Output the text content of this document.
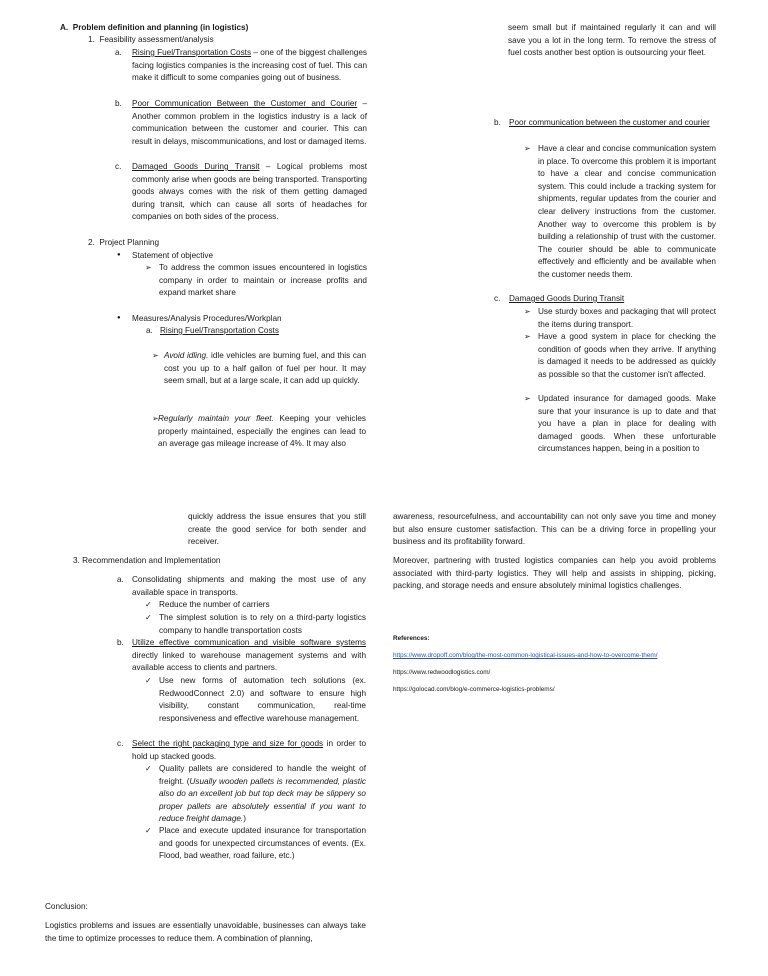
A.  Problem definition and planning (in logistics)
1.  Feasibility assessment/analysis
a.	Rising Fuel/Transportation Costs – one of the biggest challenges facing logistics companies is the increasing cost of fuel. This can make it difficult to some companies going out of business.
b.	Poor Communication Between the Customer and Courier – Another common problem in the logistics industry is a lack of communication between the customer and courier. This can result in delays, miscommunications, and lost or damaged items.
c.	Damaged Goods During Transit – Logical problems most commonly arise when goods are being transported. Transporting goods always comes with the risk of them getting damaged during transit, which can cause all sorts of headaches for companies on both sides of the process.
2.  Project Planning
●	Statement of objective
➢ To address the common issues encountered in logistics company in order to maintain or increase profits and expand market share
●	Measures/Analysis Procedures/Workplan
a. Rising Fuel/Transportation Costs
➢ Avoid idling. idle vehicles are burning fuel, and this can cost you up to a half gallon of fuel per hour. It may seem small, but at a large scale, it can add up quickly.
➢ Regularly maintain your fleet. Keeping your vehicles properly maintained, especially the engines can lead to an average gas mileage increase of 4%. It may also
seem small but if maintained regularly it can and will save you a lot in the long term. To remove the stress of fuel costs another best option is outsourcing your fleet.
b. Poor communication between the customer and courier
➢ Have a clear and concise communication system in place. To overcome this problem it is important to have a clear and concise communication system. This could include a tracking system for shipments, regular updates from the courier and clear delivery instructions from the customer. Another way to overcome this problem is by building a relationship of trust with the customer. The courier should be able to communicate effectively and efficiently and be available when the customer needs them.
c.	Damaged Goods During Transit
➢ Use sturdy boxes and packaging that will protect the items during transport.
➢ Have a good system in place for checking the condition of goods when they arrive. If anything is damaged it needs to be addressed as quickly as possible so that the customer isn't affected.
➢ Updated insurance for damaged goods. Make sure that your insurance is up to date and that you have a plan in place for dealing with damaged goods. When these unforturable circumstances happen, being in a position to
quickly address the issue ensures that you still create the good service for both sender and receiver.
3. Recommendation and Implementation
a. Consolidating shipments and making the most use of any available space in transports.
✓ Reduce the number of carriers
✓ The simplest solution is to rely on a third-party logistics company to handle transportation costs
b. Utilize effective communication and visible software systems directly linked to warehouse management systems and with available access to clients and partners.
✓ Use new forms of automation tech solutions (ex. RedwoodConnect 2.0) and software to ensure high visibility, constant communication, real-time responsiveness and effective warehouse management.
c.	Select the right packaging type and size for goods in order to hold up stacked goods.
✓ Quality pallets are considered to handle the weight of freight. (Usually wooden pallets is recommended, plastic also do an excellent job but top deck may be slippery so proper pallets are absolutely essential if you want to reduce freight damage.)
✓ Place and execute updated insurance for transportation and goods for unexpected circumstances of events. (Ex. Flood, bad weather, road failure, etc.)
Conclusion:
Logistics problems and issues are essentially unavoidable, businesses can always take the time to optimize processes to reduce them. A combination of planning,
awareness, resourcefulness, and accountability can not only save you time and money but also ensure customer satisfaction. This can be a driving force in propelling your business and its profitability forward.
Moreover, partnering with trusted logistics companies can help you avoid problems associated with third-party logistics. They will help and assists in shipping, picking, packing, and storage needs and ensure absolutely minimal logistics challenges.
References:
https://www.dropoff.com/blog/the-most-common-logistical-issues-and-how-to-overcome-them/
https://www.redwoodlogistics.com/
https://golocad.com/blog/e-commerce-logistics-problems/
